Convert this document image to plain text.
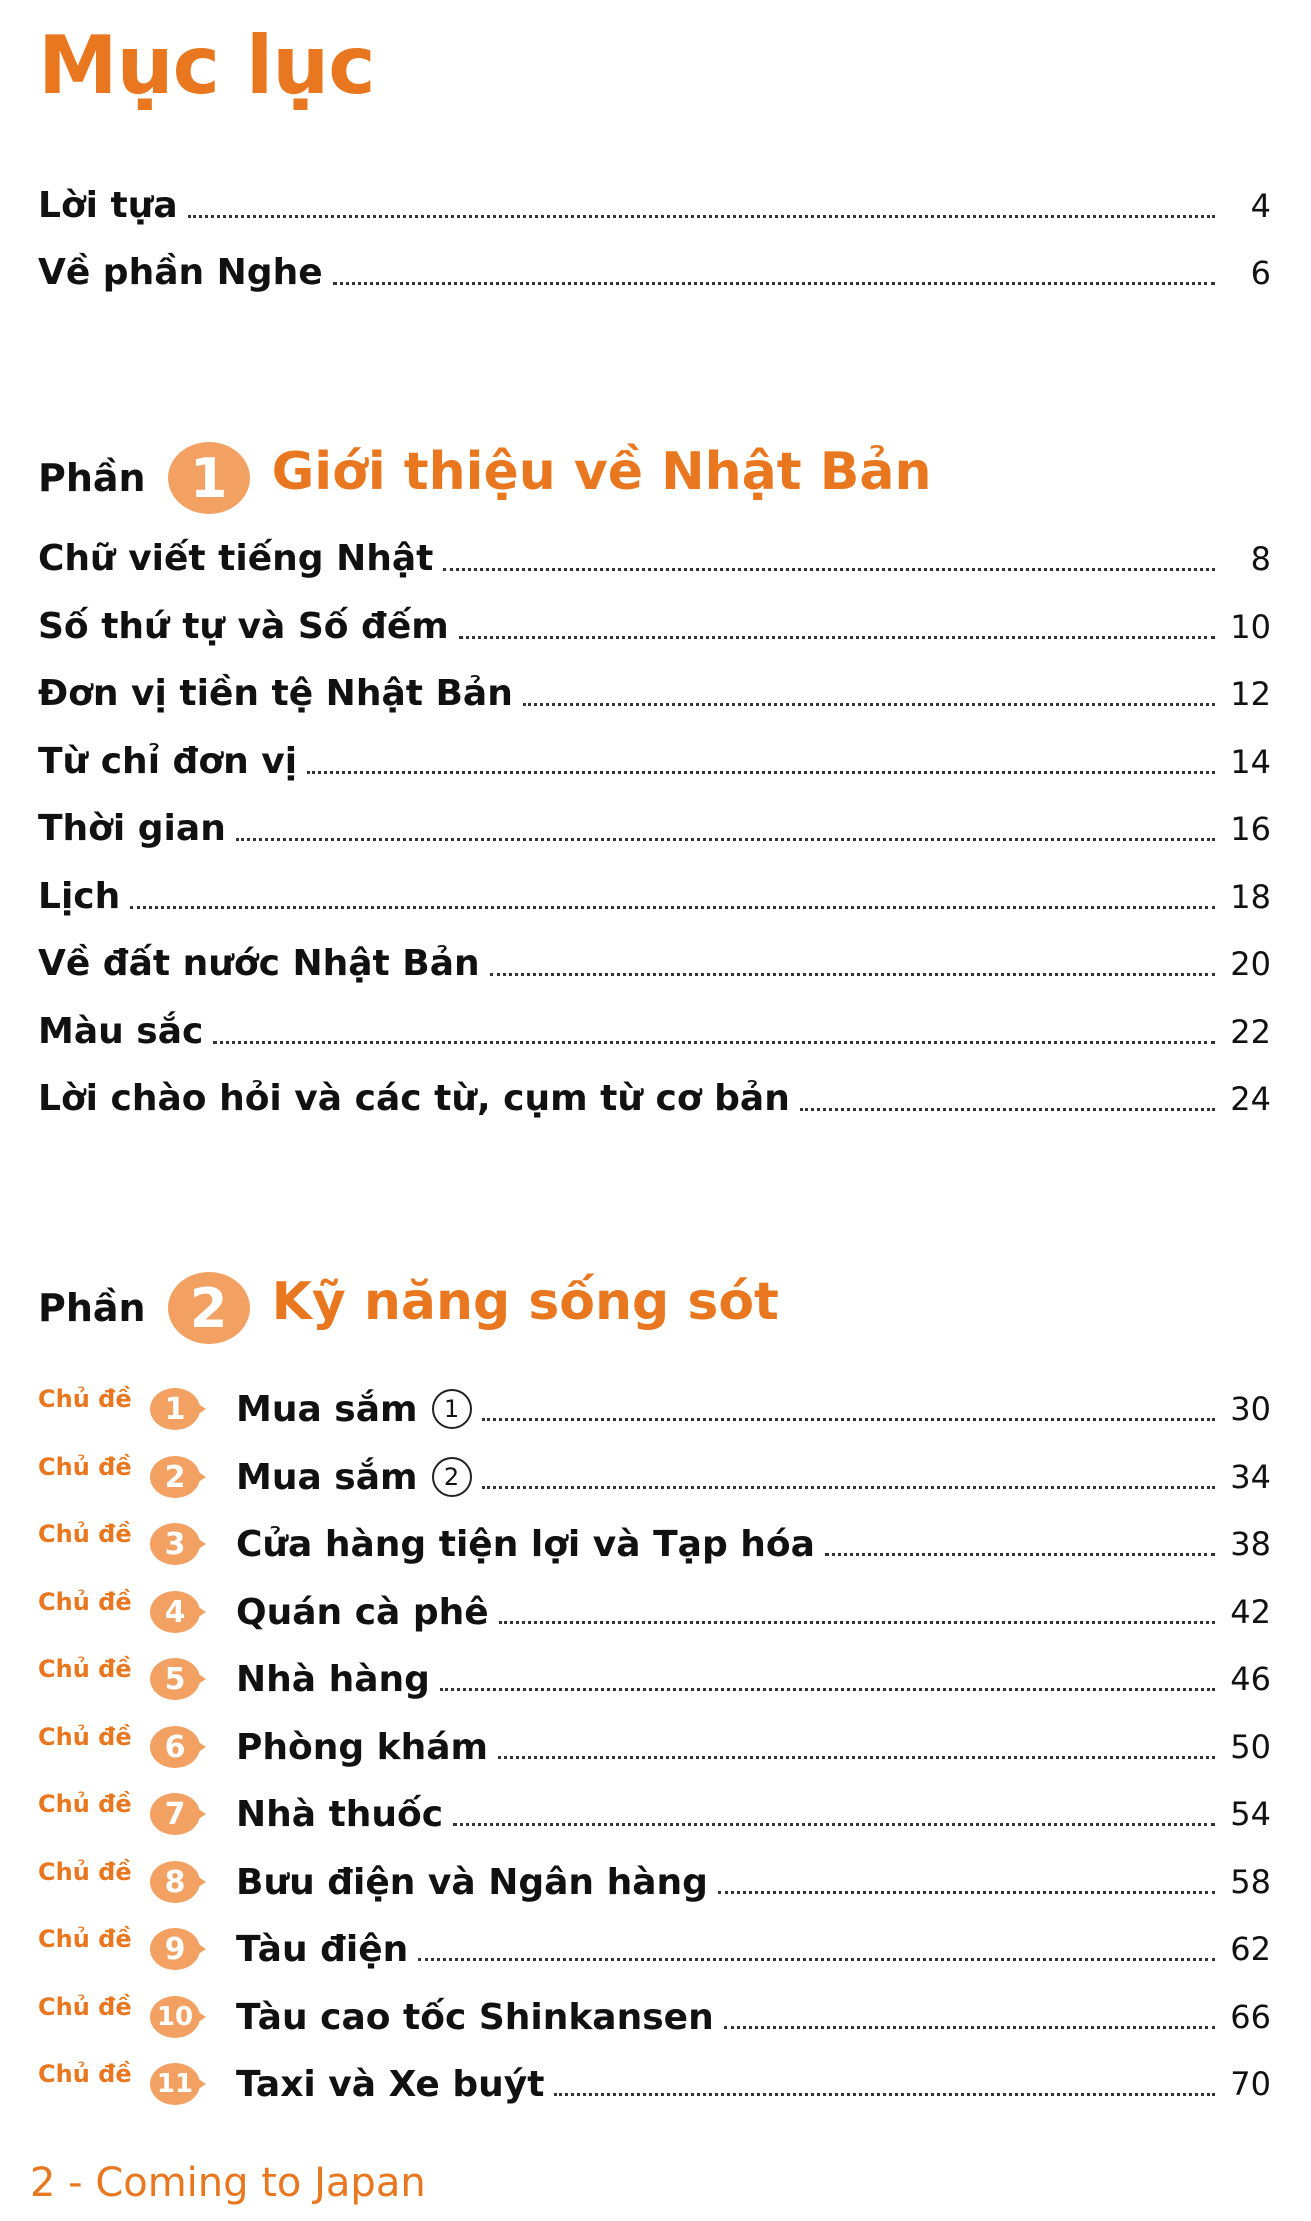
Mục lục
Lời tựa	4
Về phần Nghe	6
Phần 1 Giới thiệu về Nhật Bản
Chữ viết tiếng Nhật	8
Số thứ tự và Số đếm	10
Đơn vị tiền tệ Nhật Bản	12
Từ chỉ đơn vị	14
Thời gian	16
Lịch	18
Về đất nước Nhật Bản	20
Màu sắc	22
Lời chào hỏi và các từ, cụm từ cơ bản	24
Phần 2 Kỹ năng sống sót
Chủ đề	1	Mua sắm	1	30
Chủ đề	2	Mua sắm	2	34
Chủ đề	3	Cửa hàng tiện lợi và Tạp hóa	38
Chủ đề	4	Quán cà phê	42
Chủ đề	5	Nhà hàng	46
Chủ đề	6	Phòng khám	50
Chủ đề	7	Nhà thuốc	54
Chủ đề	8	Bưu điện và Ngân hàng	58
Chủ đề	9	Tàu điện	62
Chủ đề 10 Tàu cao tốc Shinkansen	66
Chủ đề 11 Taxi và Xe buýt	70
2 - Coming to Japan
